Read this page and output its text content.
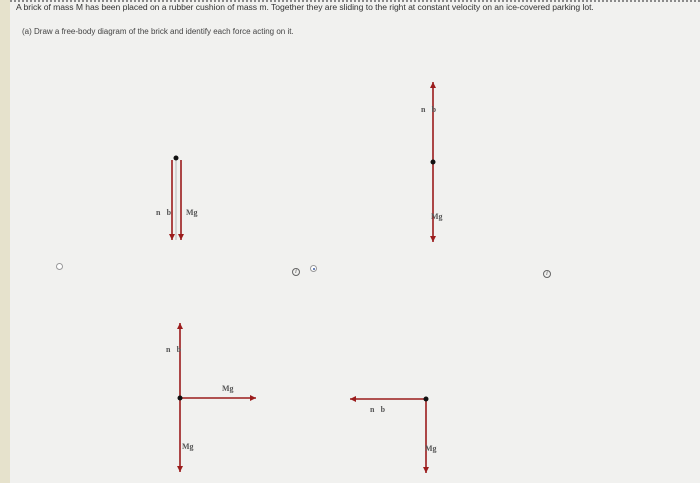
A brick of mass M has been placed on a rubber cushion of mass m. Together they are sliding to the right at constant velocity on an ice-covered parking lot.
(a) Draw a free-body diagram of the brick and identify each force acting on it.
n⃗b Mg⃗
n⃗b
Mg⃗
n⃗b
Mg⃗
Mg⃗
n⃗b
Mg⃗
i	i
